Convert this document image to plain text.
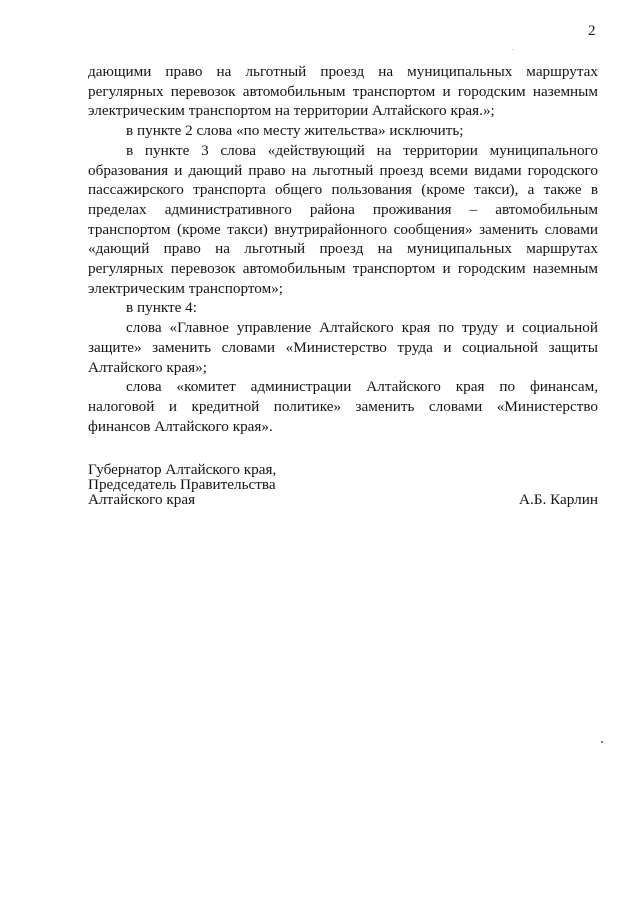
2

дающими право на льготный проезд на муниципальных маршрутах регулярных перевозок автомобильным транспортом и городским наземным электрическим транспортом на территории Алтайского края.»;

в пункте 2 слова «по месту жительства» исключить;

в пункте 3 слова «действующий на территории муниципального образования и дающий право на льготный проезд всеми видами городского пассажирского транспорта общего пользования (кроме такси), а также в пределах административного района проживания – автомобильным транспортом (кроме такси) внутрирайонного сообщения» заменить словами «дающий право на льготный проезд на муниципальных маршрутах регулярных перевозок автомобильным транспортом и городским наземным электрическим транспортом»;

в пункте 4:

слова «Главное управление Алтайского края по труду и социальной защите» заменить словами «Министерство труда и социальной защиты Алтайского края»;

слова «комитет администрации Алтайского края по финансам, налоговой и кредитной политике» заменить словами «Министерство финансов Алтайского края».

Губернатор Алтайского края,
Председатель Правительства
Алтайского края	А.Б. Карлин
